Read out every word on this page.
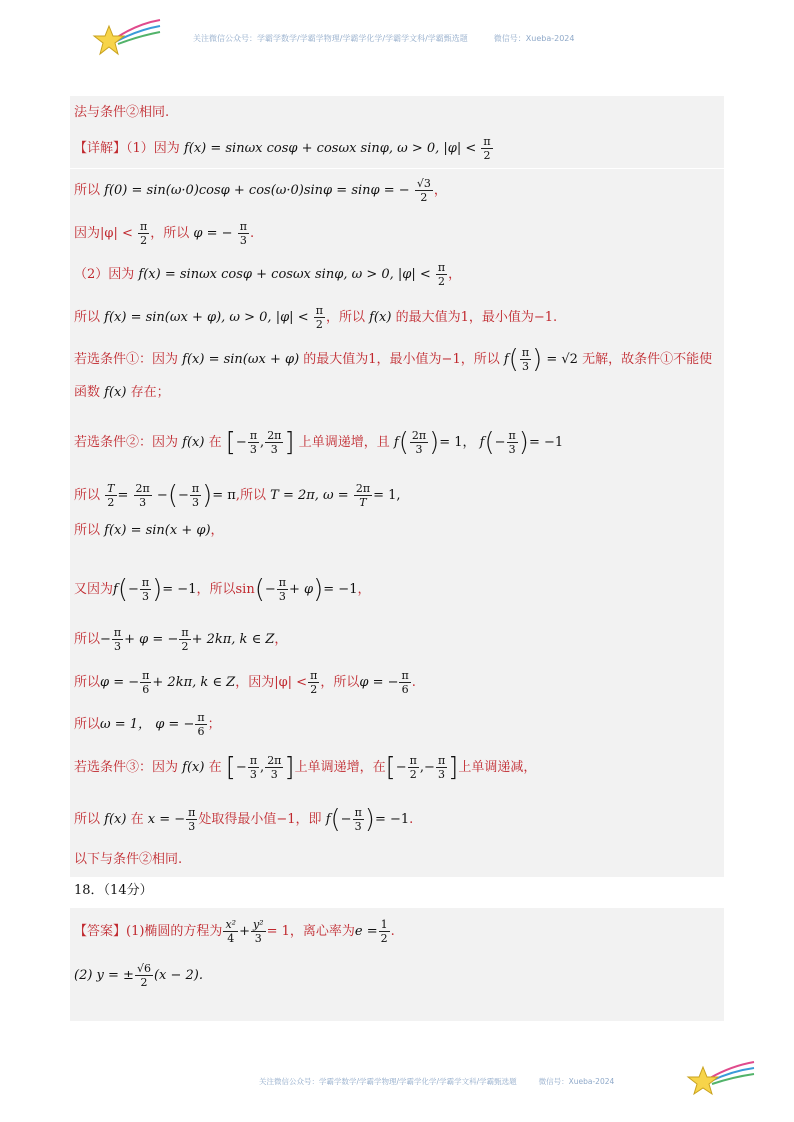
关注微信公众号：学霸学数学/学霸学物理/学霸学化学/学霸学文科/学霸甄选题	微信号：Xueba-2024
法与条件②相同.
【详解】（1）因为 f(x) = sinωx cosφ + cosωx sinφ, ω > 0, $|\varphi| < \frac{\pi}{2}$
所以 f(0) = sin(ω·0)cosφ + cos(ω·0)sinφ = sinφ = − $\frac{√3}{2}$ ，
因为$|\varphi| < \frac{\pi}{2}$ ，所以 φ = − $\frac{\pi}{3}$ .
（2）因为 f(x) = sinωx cosφ + cosωx sinφ, ω > 0, $|\varphi| < \frac{\pi}{2}$ ，
所以 f(x) = sin(ωx + φ), ω > 0, $|\varphi| < \frac{\pi}{2}$ ，所以 f(x) 的最大值为1，最小值为−1.
若选条件①：因为 f(x) = sin(ωx + φ) 的最大值为1，最小值为−1，所以 $f( \frac{\pi}{3}$ ) = √2 无解，故条件①不能使
函数 f(x) 存在；
若选条件②：因为 f(x) 在 [− $\frac{\pi}{3}$ , $\frac{2\pi}{3}$ ] 上单调递增，且 $f( \frac{2\pi}{3}$ )= 1， $f(- \frac{\pi}{3}$ )= −1
所以 $\frac{T}{2} = \frac{2\pi}{3}$ −(− $\frac{\pi}{3}$ )= π,所以 T = 2π, $\omega = \frac{2\pi}{T} = 1$,
所以 f(x) = sin(x + φ)，
又因为$f(- \frac{\pi}{3}$ )= −1，所以$\sin(- \frac{\pi}{3} + \varphi)= -1$，
所以− $\frac{\pi}{3} + \varphi$ = − $\frac{\pi}{2} + 2k\pi$, k ∈ Z，
所以φ = − $\frac{\pi}{6} + 2k\pi$, k ∈ Z，因为$|\varphi| < \frac{\pi}{2}$ ，所以φ = − $\frac{\pi}{6}$ .
所以ω = 1， φ = − $\frac{\pi}{6}$ ；
若选条件③：因为 f(x) 在 [− $\frac{\pi}{3}$ , $\frac{2\pi}{3}$ ]上单调递增，在[− $\frac{\pi}{2}$ ,− $\frac{\pi}{3}$ ]上单调递减，
所以 f(x) 在 x = − $\frac{\pi}{3}$ 处取得最小值−1，即 $f(- \frac{\pi}{3}$ )= −1.
以下与条件②相同.
18．（14分）
【答案】(1)椭圆的方程为 $\frac{\text{x²}}{4} + \frac{\text{y²}}{3} = 1$，离心率为$e = \frac{1}{2}$ .
(2) y = ± $\frac{√6}{2} (x - 2)$.
关注微信公众号：学霸学数学/学霸学物理/学霸学化学/学霸学文科/学霸甄选题	微信号：Xueba-2024
